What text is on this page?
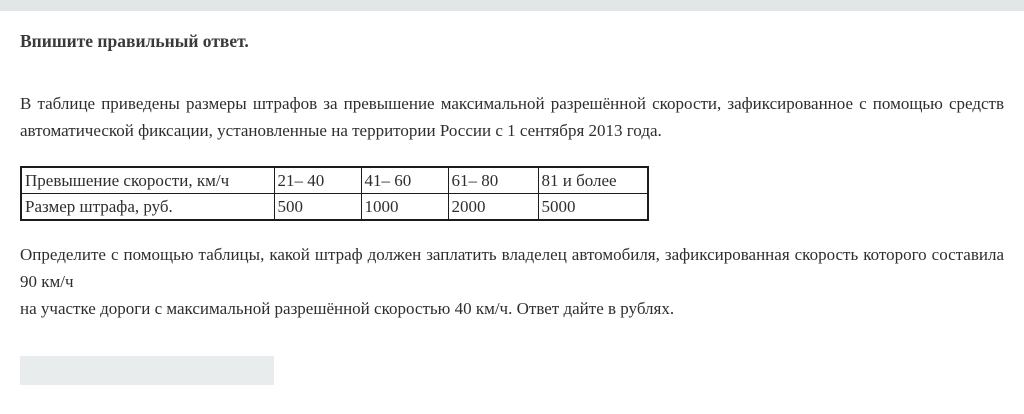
Впишите правильный ответ.

В таблице приведены размеры штрафов за превышение максимальной разрешённой скорости, зафиксированное с помощью средств автоматической фиксации, установленные на территории России с 1 сентября 2013 года.

Превышение скорости, км/ч	21– 40	41– 60	61– 80	81 и более
Размер штрафа, руб.	500	1000	2000	5000

Определите с помощью таблицы, какой штраф должен заплатить владелец автомобиля, зафиксированная скорость которого составила 90 км/ч
на участке дороги с максимальной разрешённой скоростью 40 км/ч. Ответ дайте в рублях.
